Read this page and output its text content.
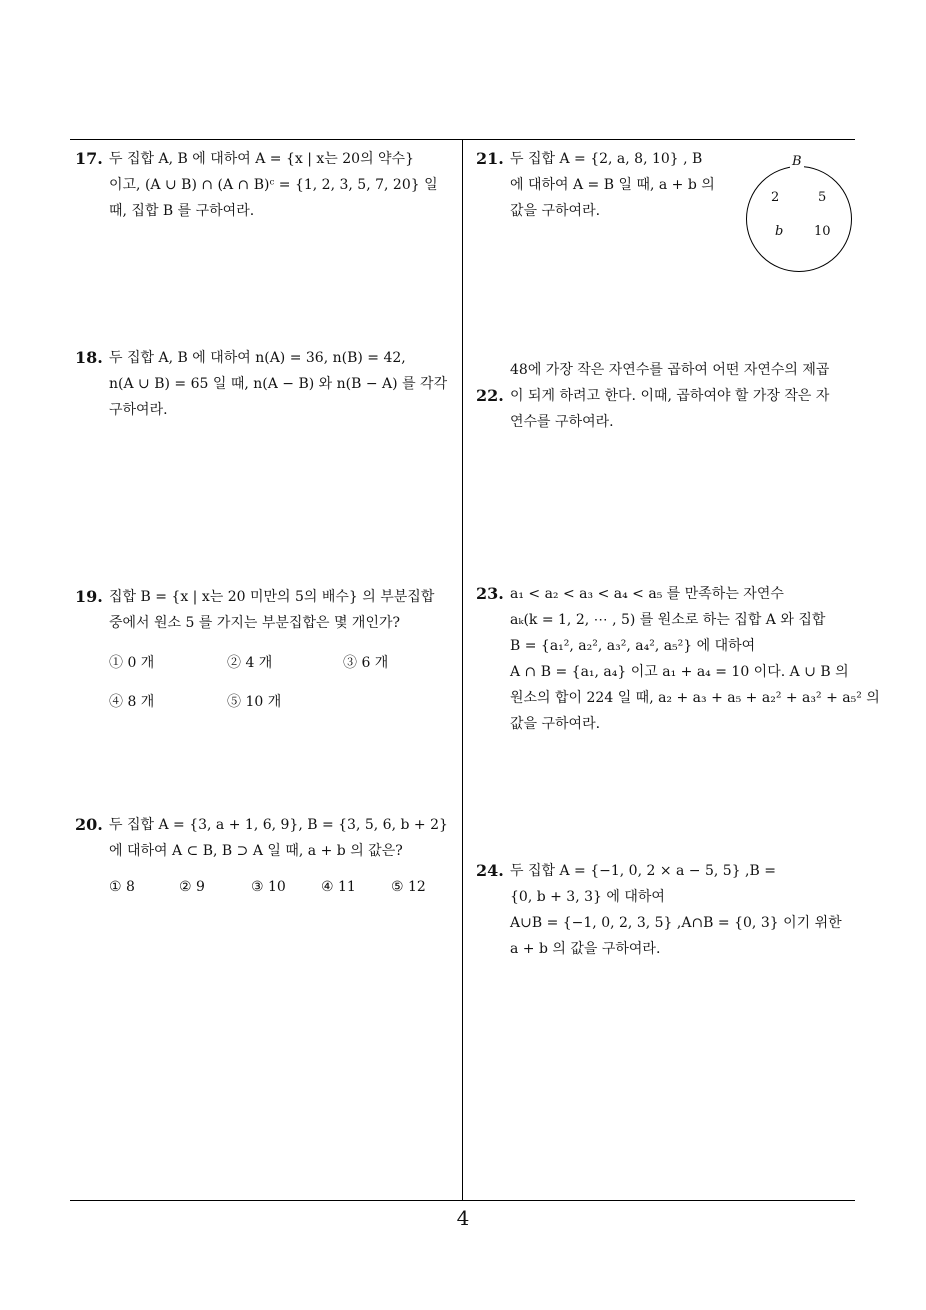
17. 두 집합 A, B 에 대하여 A = {x | x는 20의 약수}
이고, (A ∪ B) ∩ (A ∩ B)ᶜ = {1, 2, 3, 5, 7, 20} 일
때, 집합 B 를 구하여라.
18. 두 집합 A, B 에 대하여 n(A) = 36, n(B) = 42,
n(A ∪ B) = 65 일 때, n(A − B) 와 n(B − A) 를 각각
구하여라.
19. 집합 B = {x | x는 20 미만의 5의 배수} 의 부분집합
중에서 원소 5 를 가지는 부분집합은 몇 개인가?
① 0 개	② 4 개	③ 6 개
④ 8 개	⑤ 10 개
20. 두 집합 A = {3, a + 1, 6, 9}, B = {3, 5, 6, b + 2}
에 대하여 A ⊂ B, B ⊃ A 일 때, a + b 의 값은?
① 8	② 9	③ 10	④ 11	⑤ 12
21. 두 집합 A = {2, a, 8, 10} , B
에 대하여 A = B 일 때, a + b 의
값을 구하여라.
B
2	5
b 10
22.
48에 가장 작은 자연수를 곱하여 어떤 자연수의 제곱
이 되게 하려고 한다. 이때, 곱하여야 할 가장 작은 자
연수를 구하여라.
23. a₁ < a₂ < a₃ < a₄ < a₅ 를 만족하는 자연수
aₖ(k = 1, 2, ⋯ , 5) 를 원소로 하는 집합 A 와 집합
B = {a₁², a₂², a₃², a₄², a₅²} 에 대하여
A ∩ B = {a₁, a₄} 이고 a₁ + a₄ = 10 이다. A ∪ B 의
원소의 합이 224 일 때, a₂ + a₃ + a₅ + a₂² + a₃² + a₅² 의
값을 구하여라.
24. 두 집합 A = {−1, 0, 2 × a − 5, 5} ,B =
{0, b + 3, 3} 에 대하여
A∪B = {−1, 0, 2, 3, 5} ,A∩B = {0, 3} 이기 위한
a + b 의 값을 구하여라.
4
